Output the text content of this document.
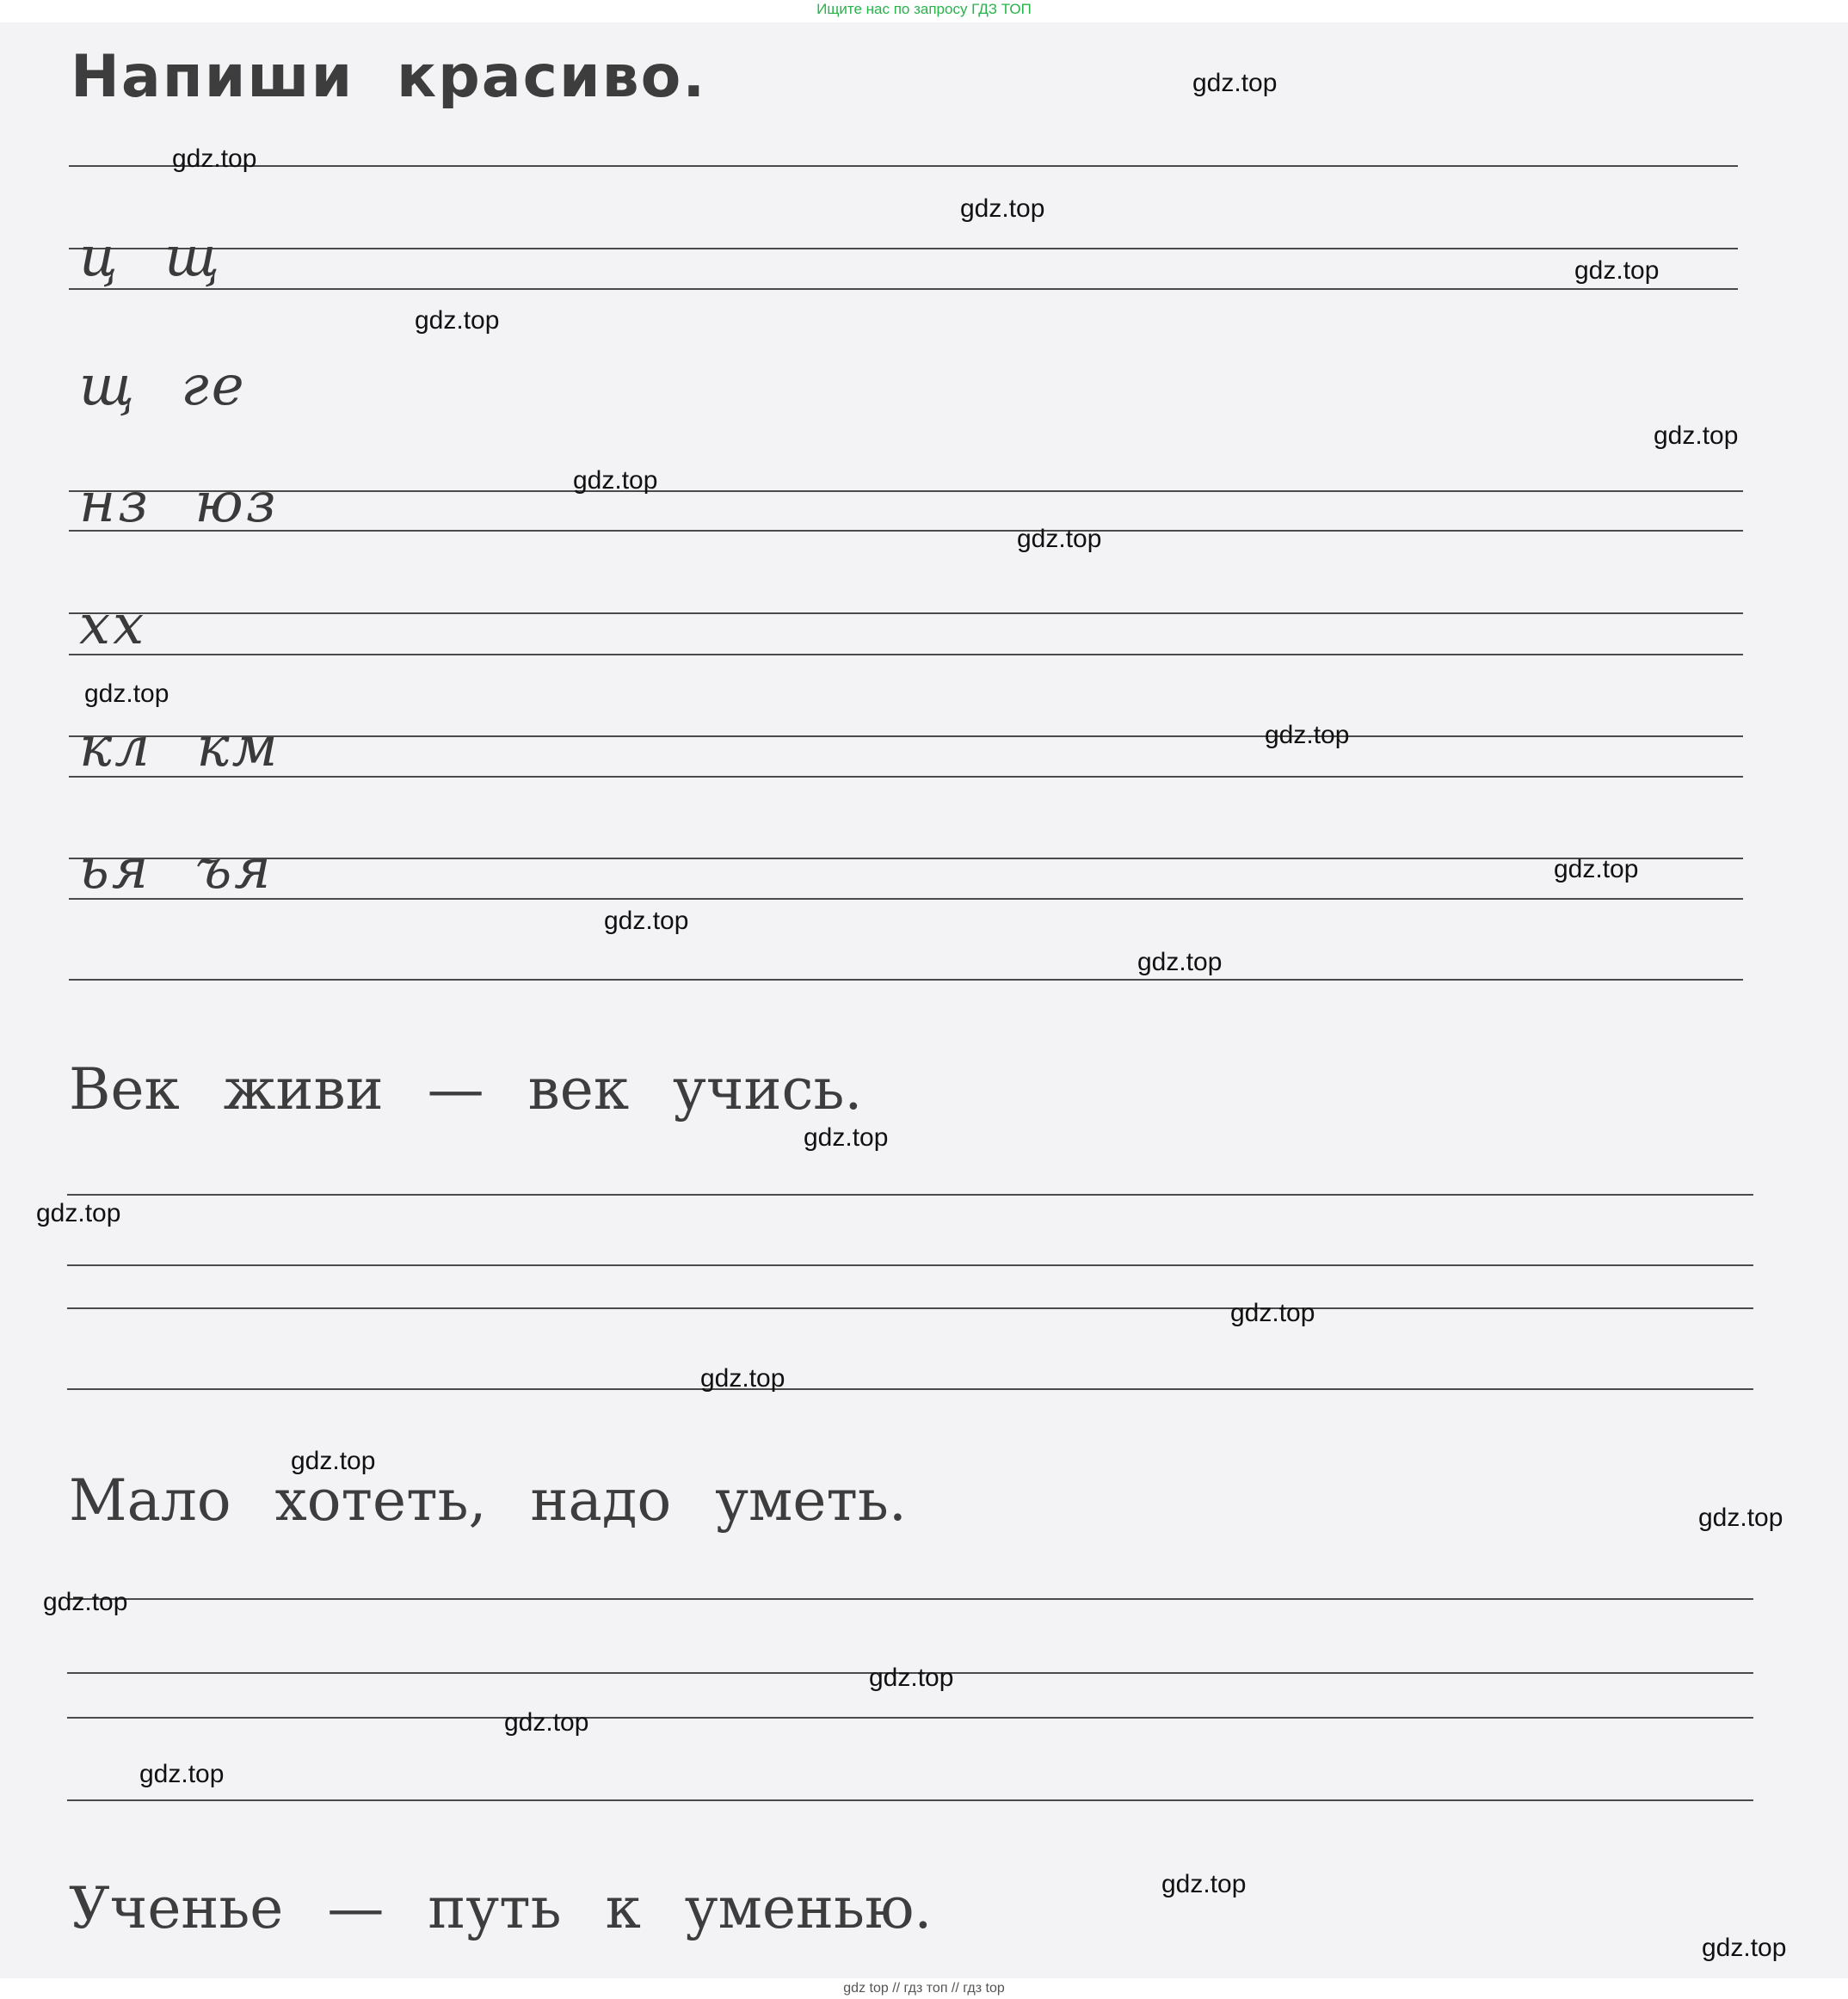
Ищите нас по запросу ГДЗ ТОП
Напиши красиво.
ц щ
щ ге
нз юз
хх
кл км
ья ъя
Век живи — век учись.
Мало хотеть, надо уметь.
Ученье — путь к уменью.
gdz.top
gdz.top
gdz.top
gdz.top
gdz.top
gdz.top
gdz.top
gdz.top
gdz.top
gdz.top
gdz.top
gdz.top
gdz.top
gdz.top
gdz.top
gdz.top
gdz.top
gdz.top
gdz.top
gdz.top
gdz.top
gdz.top
gdz.top
gdz.top
gdz.top
gdz top // гдз топ // гдз top
